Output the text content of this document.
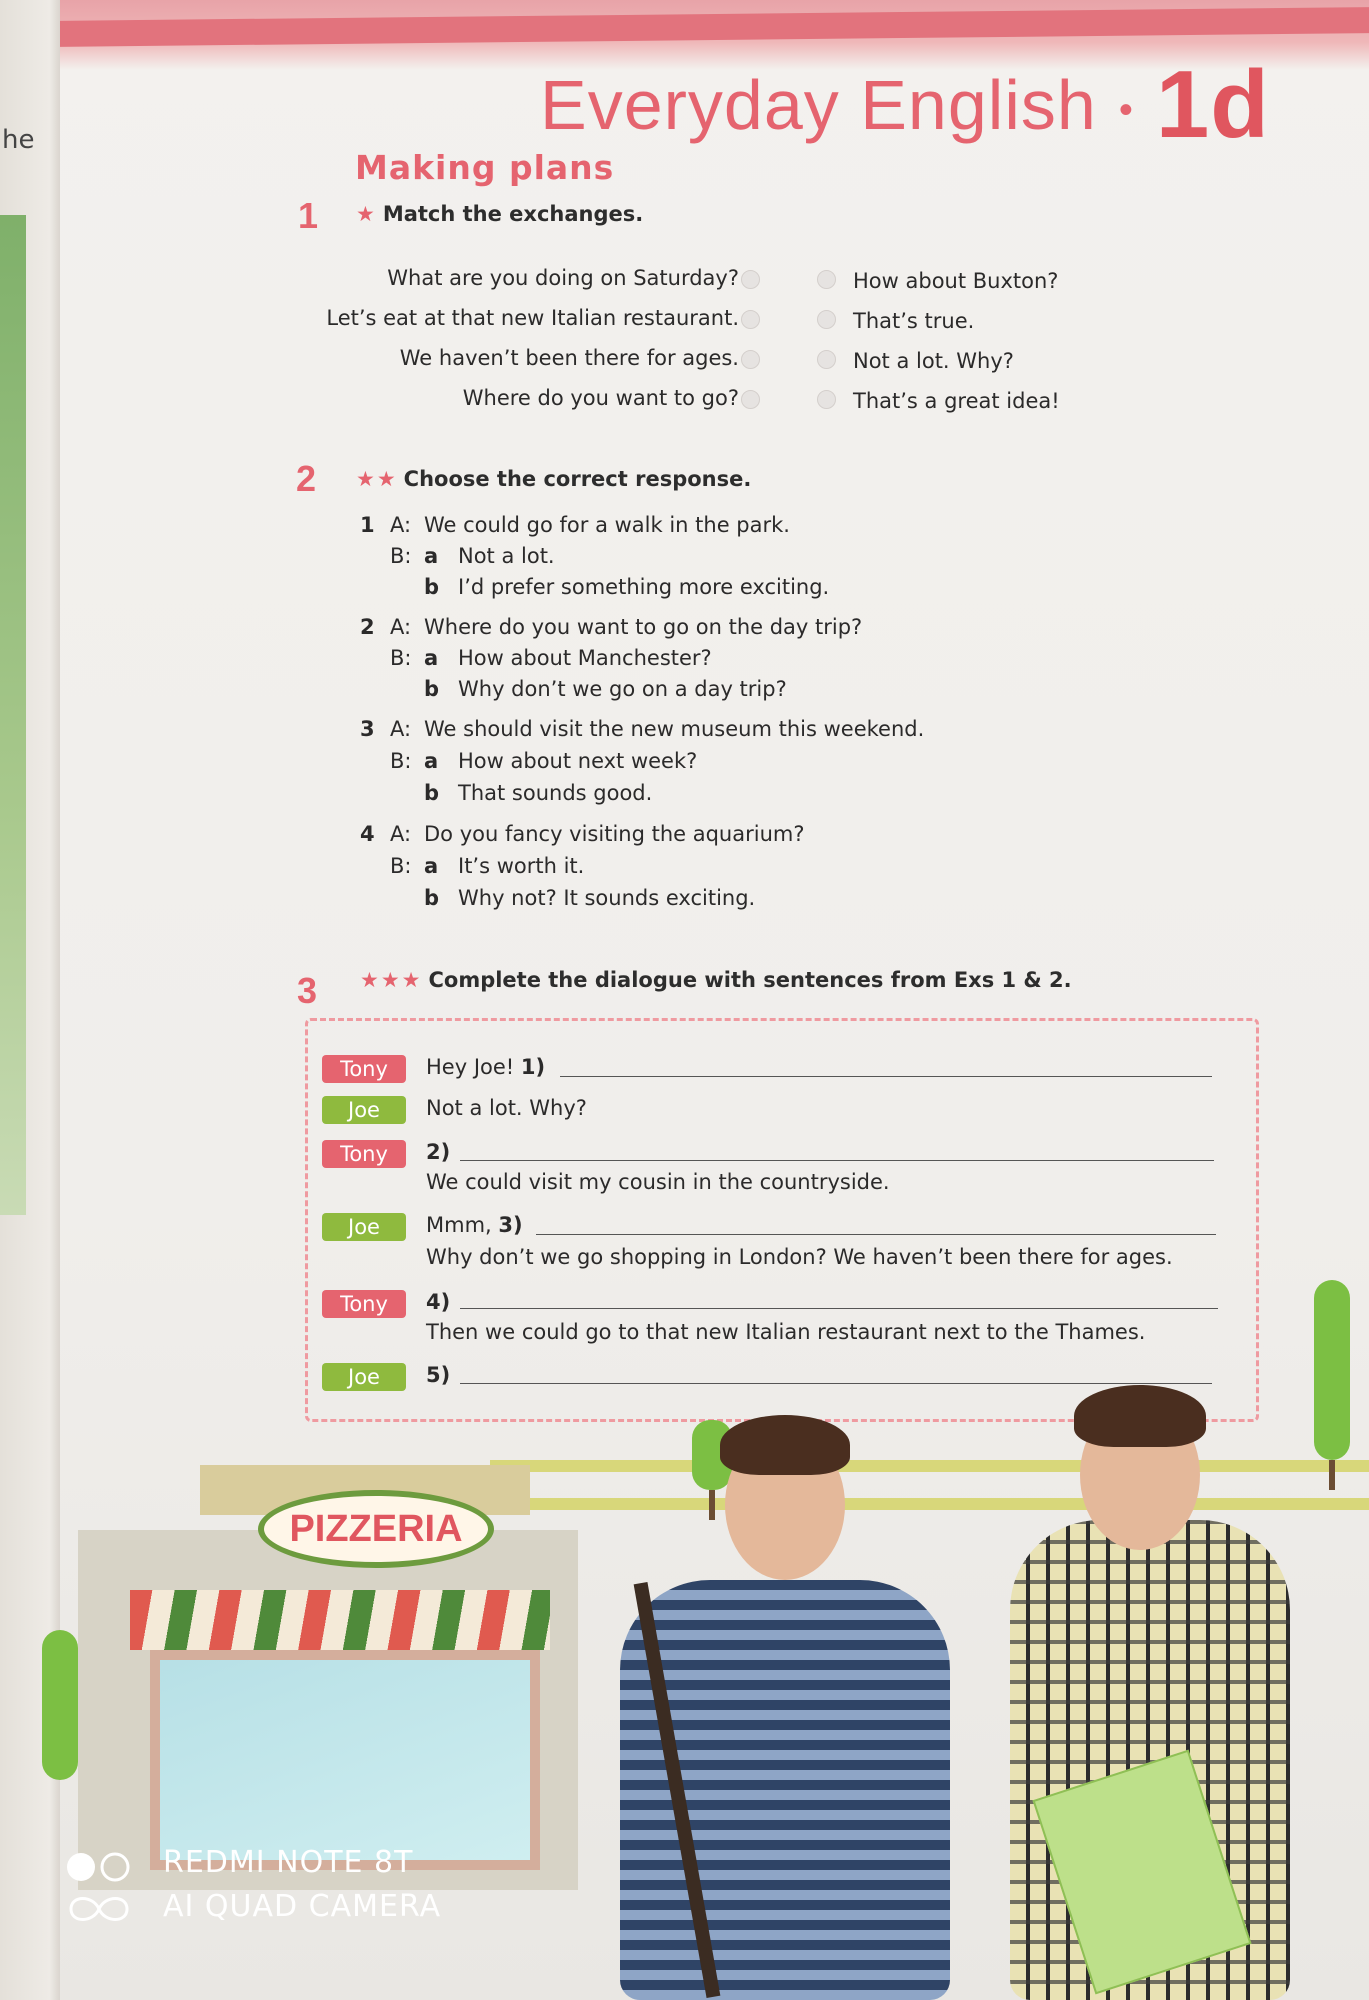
he	Everyday English • 1d
Making plans
1 ★ Match the exchanges.
What are you doing on Saturday?
Let’s eat at that new Italian restaurant.
We haven’t been there for ages.
Where do you want to go?
How about Buxton?
That’s true.
Not a lot. Why?
That’s a great idea!
2 ★★ Choose the correct response.
1 A: We could go for a walk in the park.
B: a Not a lot.
b I’d prefer something more exciting.
2 A: Where do you want to go on the day trip?
B: a How about Manchester?
b Why don’t we go on a day trip?
3 A: We should visit the new museum this weekend.
B: a How about next week?
b That sounds good.
4 A: Do you fancy visiting the aquarium?
B: a It’s worth it.
b Why not? It sounds exciting.
3 ★★★ Complete the dialogue with sentences from Exs 1 & 2.
Tony	Hey Joe! 1)
Joe	Not a lot. Why?
Tony	2)
We could visit my cousin in the countryside.
Joe	Mmm, 3)
Why don’t we go shopping in London? We haven’t been there for ages.
Tony	4)
Then we could go to that new Italian restaurant next to the Thames.
Joe	5)
PIZZERIA
REDMI NOTE 8T
AI QUAD CAMERA
